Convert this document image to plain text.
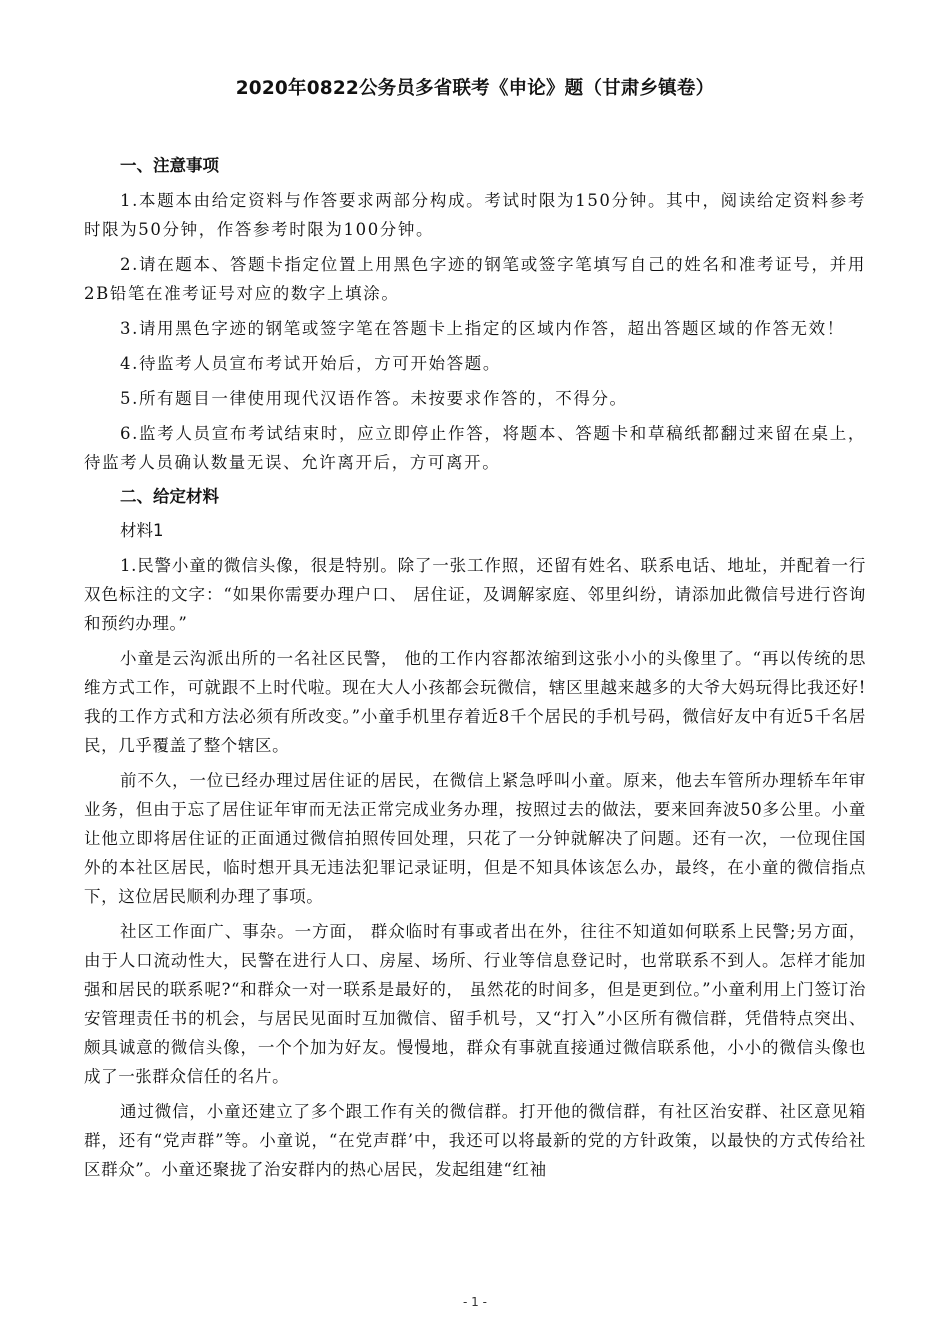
2020年0822公务员多省联考《申论》题（甘肃乡镇卷）
一、注意事项

1.本题本由给定资料与作答要求两部分构成。考试时限为150分钟。其中，阅读给定资料参考时限为50分钟，作答参考时限为100分钟。

2.请在题本、答题卡指定位置上用黑色字迹的钢笔或签字笔填写自己的姓名和准考证号，并用2B铅笔在准考证号对应的数字上填涂。

3.请用黑色字迹的钢笔或签字笔在答题卡上指定的区域内作答，超出答题区域的作答无效！

4.待监考人员宣布考试开始后，方可开始答题。

5.所有题目一律使用现代汉语作答。未按要求作答的，不得分。

6.监考人员宣布考试结束时，应立即停止作答，将题本、答题卡和草稿纸都翻过来留在桌上，待监考人员确认数量无误、允许离开后，方可离开。

二、给定材料
材料1

1.民警小童的微信头像，很是特别。除了一张工作照，还留有姓名、联系电话、地址，并配着一行双色标注的文字：“如果你需要办理户口、 居住证，及调解家庭、邻里纠纷，请添加此微信号进行咨询和预约办理。”

小童是云沟派出所的一名社区民警， 他的工作内容都浓缩到这张小小的头像里了。“再以传统的思维方式工作，可就跟不上时代啦。现在大人小孩都会玩微信，辖区里越来越多的大爷大妈玩得比我还好!我的工作方式和方法必须有所改变。”小童手机里存着近8千个居民的手机号码，微信好友中有近5千名居民，几乎覆盖了整个辖区。

前不久，一位已经办理过居住证的居民，在微信上紧急呼叫小童。原来，他去车管所办理轿车年审业务，但由于忘了居住证年审而无法正常完成业务办理，按照过去的做法，要来回奔波50多公里。小童让他立即将居住证的正面通过微信拍照传回处理，只花了一分钟就解决了问题。还有一次，一位现住国外的本社区居民，临时想开具无违法犯罪记录证明，但是不知具体该怎么办，最终，在小童的微信指点下，这位居民顺利办理了事项。

社区工作面广、事杂。一方面， 群众临时有事或者出在外，往往不知道如何联系上民警;另方面，由于人口流动性大，民警在进行人口、房屋、场所、行业等信息登记时，也常联系不到人。怎样才能加强和居民的联系呢?“和群众一对一联系是最好的， 虽然花的时间多，但是更到位。”小童利用上门签订治安管理责任书的机会，与居民见面时互加微信、留手机号，又“打入”小区所有微信群，凭借特点突出、颇具诚意的微信头像，一个个加为好友。慢慢地，群众有事就直接通过微信联系他，小小的微信头像也成了一张群众信任的名片。

通过微信，小童还建立了多个跟工作有关的微信群。打开他的微信群，有社区治安群、社区意见箱群，还有“党声群”等。小童说，“在党声群’中，我还可以将最新的党的方针政策，以最快的方式传给社区群众”。小童还聚拢了治安群内的热心居民，发起组建“红袖

- 1 -
